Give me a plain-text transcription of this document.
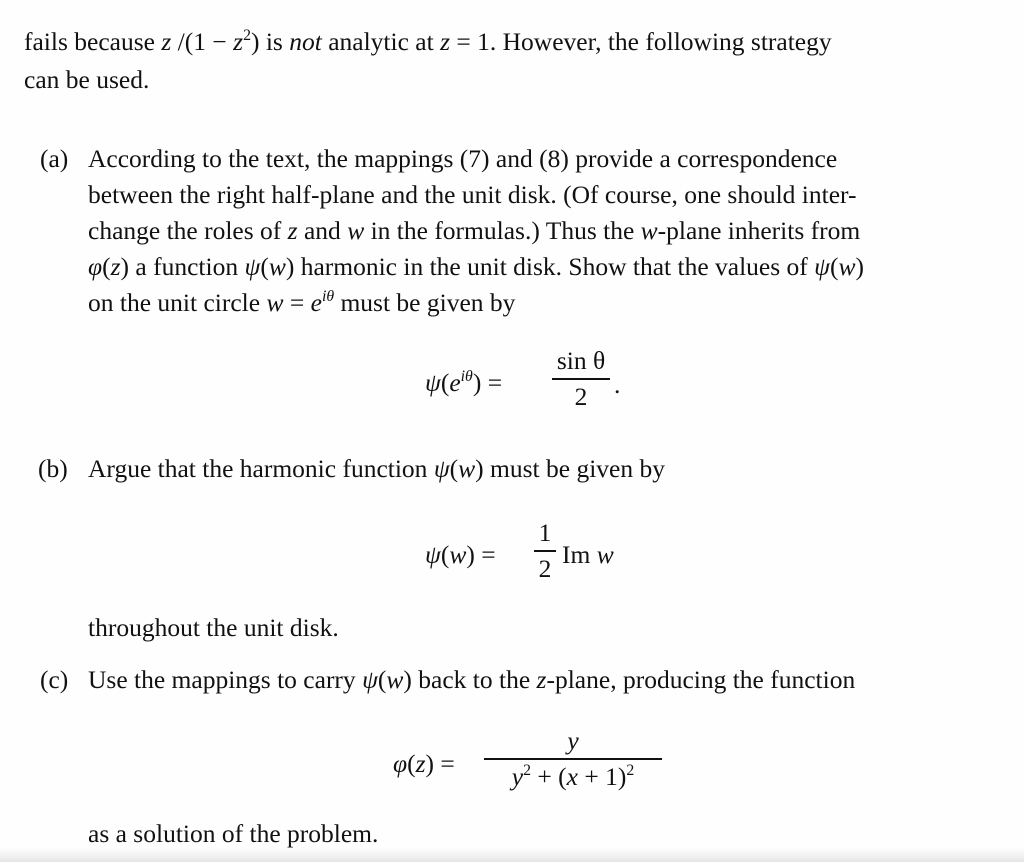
fails because z $/(1 - z^2)$ is not analytic at z = 1. However, the following strategy
can be used.
(a) According to the text, the mappings (7) and (8) provide a correspondence
between the right half-plane and the unit disk. (Of course, one should inter-
change the roles of z and w in the formulas.) Thus the w-plane inherits from
φ(z) a function ψ(w) harmonic in the unit disk. Show that the values of ψ(w)
on the unit circle $w = e^{i\theta}$ must be given by
$\psi(e^{i\theta})$ =
sin θ
2	.
(b) Argue that the harmonic function ψ(w) must be given by
ψ(w) =
1
2 Im w
throughout the unit disk.
(c) Use the mappings to carry ψ(w) back to the z-plane, producing the function
φ(z) =
y
$y^2 + (x + 1)^2$
as a solution of the problem.
